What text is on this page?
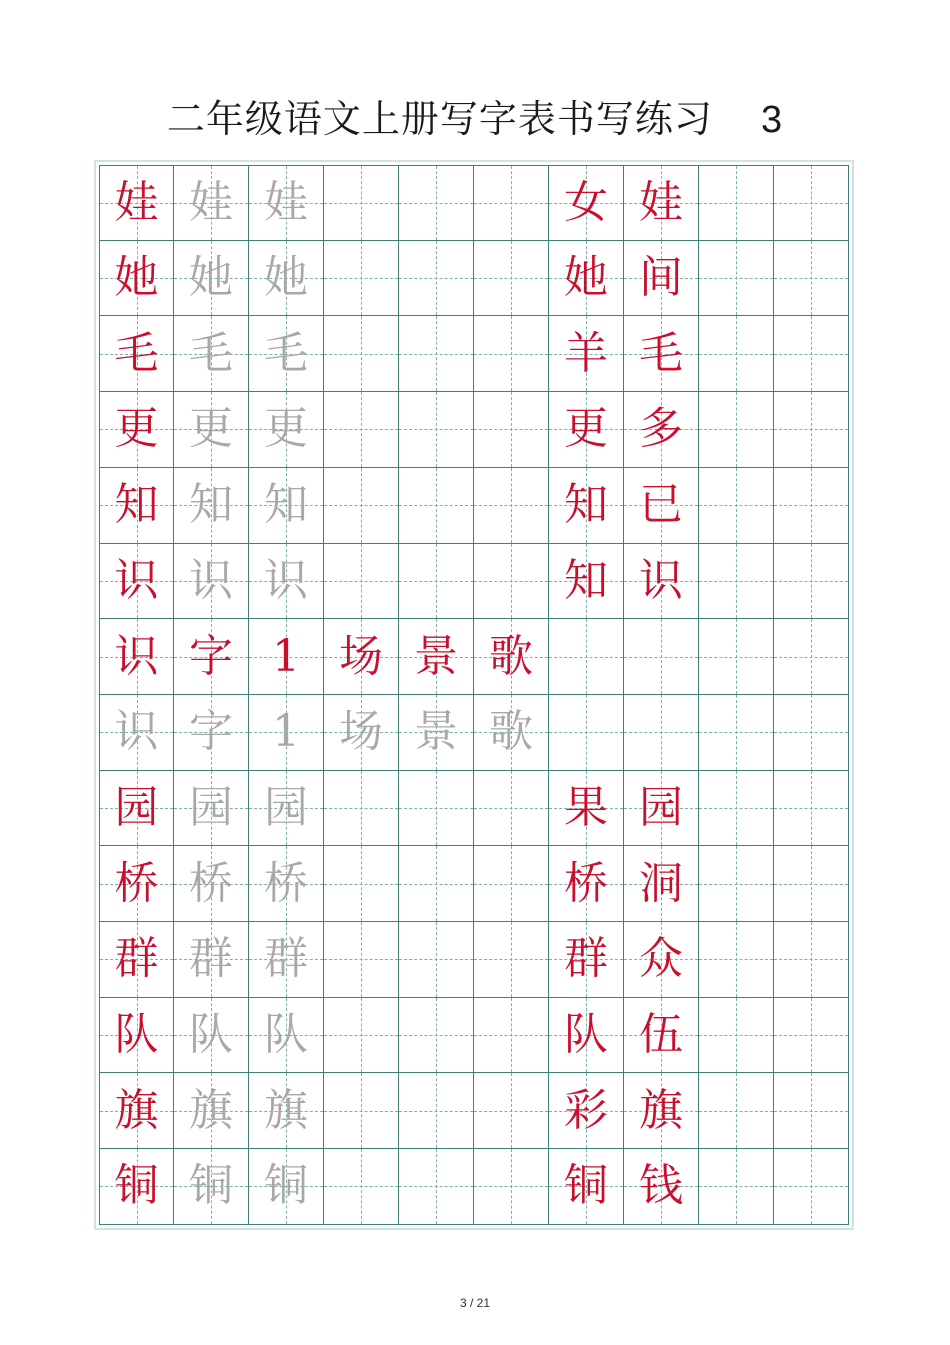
二年级语文上册写字表书写练习 3
娃 娃 娃	女 娃
她 她 她	她 间
毛 毛 毛	羊 毛
更 更 更	更 多
知 知 知	知 已
识 识 识	知 识
识 字 1 场 景 歌
识 字 1 场 景 歌
园 园 园	果 园
桥 桥 桥	桥 洞
群 群 群	群 众
队 队 队	队 伍
旗 旗 旗	彩 旗
铜 铜 铜	铜 钱
3 / 21
